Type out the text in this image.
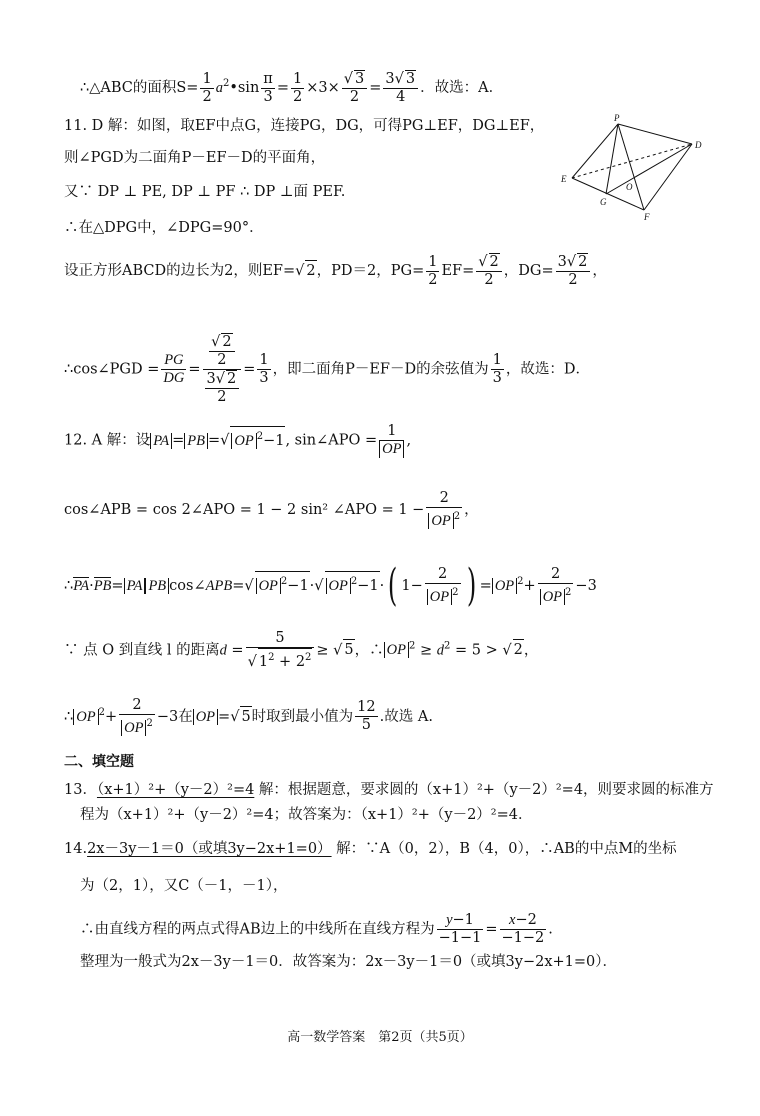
∴△ABC的面积$S= \frac{1}{2}$ $a^2•\sin \frac{\pi}{3} = \frac{1}{2} \times 3\times \frac{√ 3}{2} = \frac{3√ 3}{4}$ ．故选：A．
11. D 解：如图，取EF中点G，连接PG，DG，可得PG⊥EF，DG⊥EF，
则∠PGD为二面角P－EF－D的平面角，
又∵ DP ⊥ PE, DP ⊥ PF ∴ DP ⊥面 PEF.
∴在△DPG中，∠DPG=90°．
设正方形ABCD的边长为2，则EF=√ 2，PD＝2，$PG= \frac{1}{2} EF= \frac{√ 2}{2}$ ，$DG= \frac{3√ 2}{2}$ ，
∴cos∠PGD = $\frac{PG}{DG} = \frac{\frac{√ 2}{2}}{\frac{3√ 2}{2}} = \frac{1}{3}$ ，即二面角P－EF－D的余弦值为 $\frac{1}{3}$ ，故选：D．
12. A 解：设 PA = PB =√ OP $^2$−1, sin∠APO = $\frac{1}{OP}$ ,
cos∠APB = cos 2∠APO = 1 − 2 sin² ∠APO = $1 - \frac{2}{OP ^2}$ ，
∴PA·PB= PA PB cos∠APB=√ OP $^2$−1·√ OP $^2$−1·( $1- \frac{2}{OP ^2}$ ) = OP $^2+ \frac{2}{OP ^2} -3$
∵ 点 O 到直线 l 的距离$d = \frac{5}{√ 1^2 + 2^2}$ ≥ √ 5，∴ OP $^2 \ge d^2 = 5$ > √ 2，
∴ OP $^2+ \frac{2}{OP ^2} -3$在 OP =√ 5时取到最小值为 $\frac{12}{5}$ .故选 A.
二、填空题
13．（x+1）²+（y－2）²=4 解：根据题意，要求圆的（x+1）²+（y－2）²=4，则要求圆的标准方
程为（x+1）²+（y－2）²=4；故答案为：（x+1）²+（y－2）²=4．
14.2x－3y－1＝0（或填3y−2x+1=0） 解：∵A（0，2），B（4，0），∴AB的中点M的坐标
为（2，1），又C（－1，－1），
∴由直线方程的两点式得AB边上的中线所在直线方程为 $\frac{y-1}{-1-1} = \frac{x-2}{-1-2}$ .
整理为一般式为2x－3y－1＝0．故答案为：2x－3y－1＝0（或填3y−2x+1=0）．
P
D
E
G
O
F
高一数学答案　第2页（共5页）
